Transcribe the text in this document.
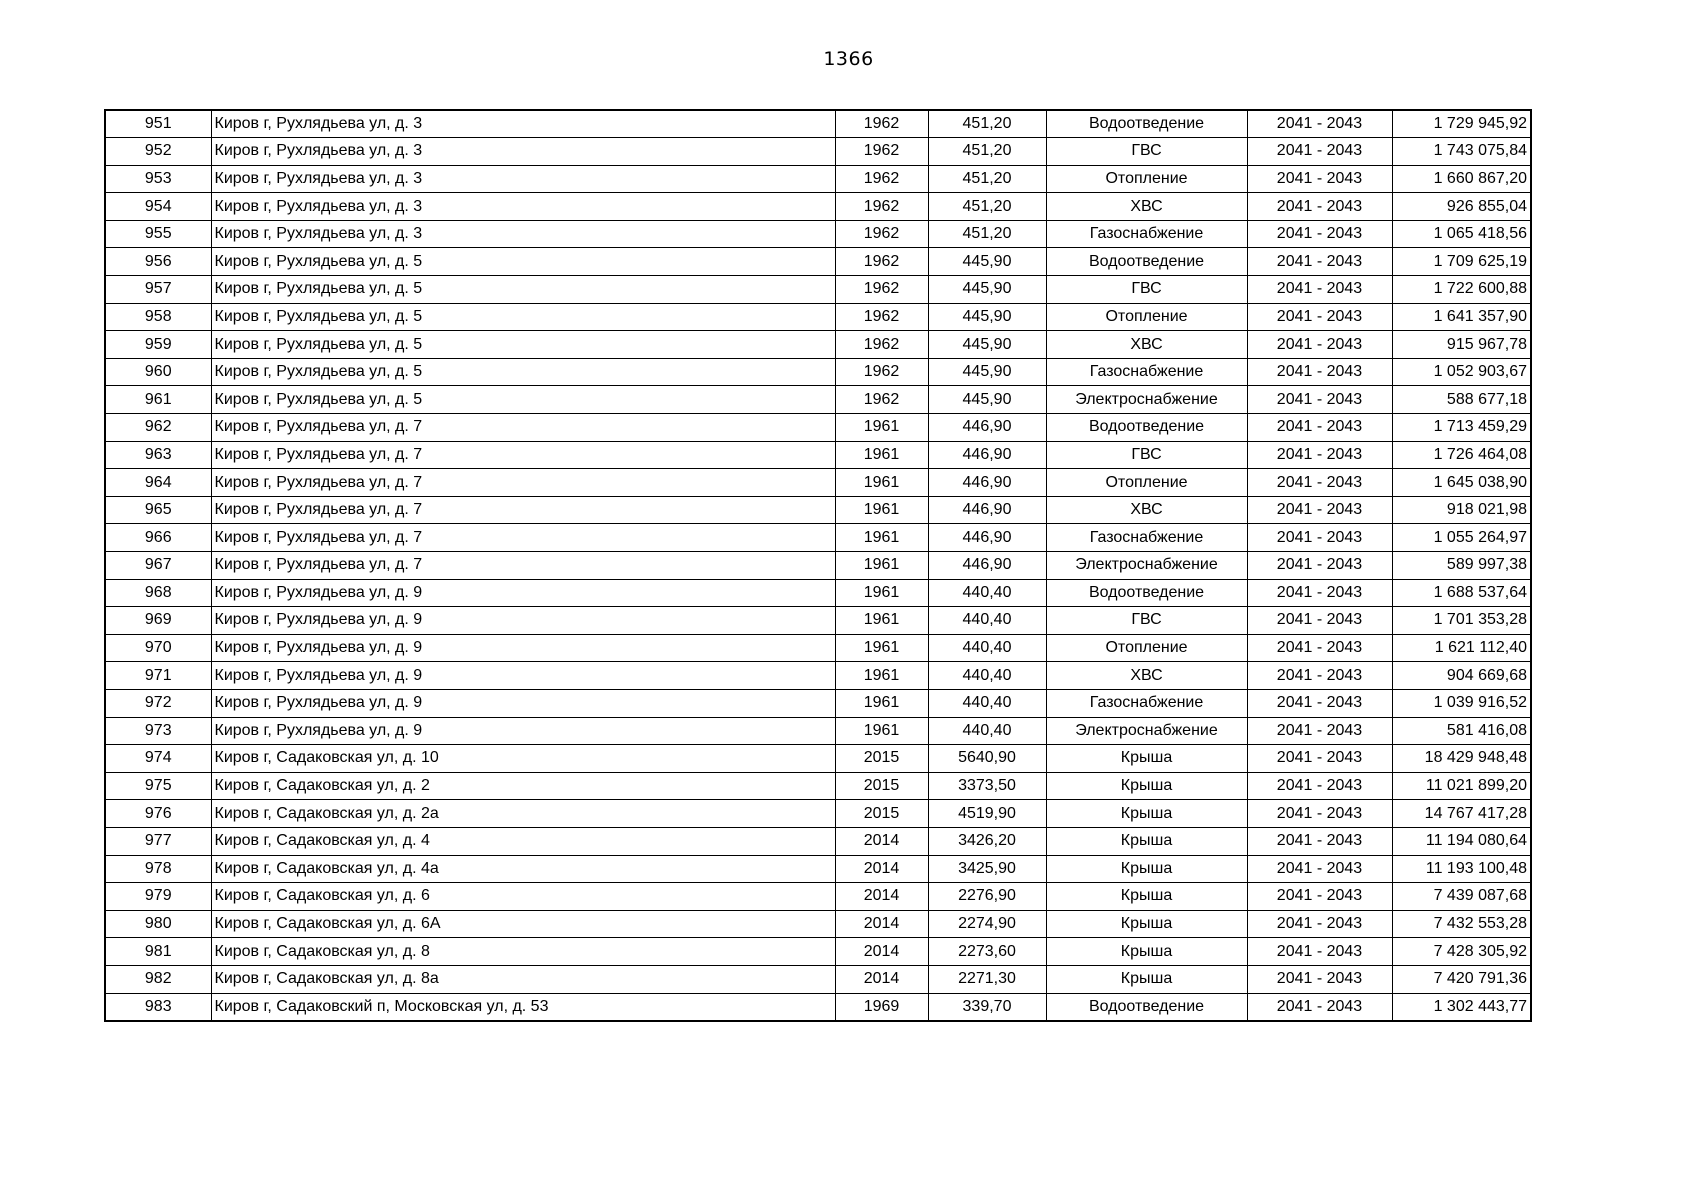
1366
951	Киров г, Рухлядьева ул, д. 3	1962	451,20	Водоотведение	2041 - 2043	1 729 945,92
952	Киров г, Рухлядьева ул, д. 3	1962	451,20	ГВС	2041 - 2043	1 743 075,84
953	Киров г, Рухлядьева ул, д. 3	1962	451,20	Отопление	2041 - 2043	1 660 867,20
954	Киров г, Рухлядьева ул, д. 3	1962	451,20	ХВС	2041 - 2043	926 855,04
955	Киров г, Рухлядьева ул, д. 3	1962	451,20	Газоснабжение	2041 - 2043	1 065 418,56
956	Киров г, Рухлядьева ул, д. 5	1962	445,90	Водоотведение	2041 - 2043	1 709 625,19
957	Киров г, Рухлядьева ул, д. 5	1962	445,90	ГВС	2041 - 2043	1 722 600,88
958	Киров г, Рухлядьева ул, д. 5	1962	445,90	Отопление	2041 - 2043	1 641 357,90
959	Киров г, Рухлядьева ул, д. 5	1962	445,90	ХВС	2041 - 2043	915 967,78
960	Киров г, Рухлядьева ул, д. 5	1962	445,90	Газоснабжение	2041 - 2043	1 052 903,67
961	Киров г, Рухлядьева ул, д. 5	1962	445,90	Электроснабжение	2041 - 2043	588 677,18
962	Киров г, Рухлядьева ул, д. 7	1961	446,90	Водоотведение	2041 - 2043	1 713 459,29
963	Киров г, Рухлядьева ул, д. 7	1961	446,90	ГВС	2041 - 2043	1 726 464,08
964	Киров г, Рухлядьева ул, д. 7	1961	446,90	Отопление	2041 - 2043	1 645 038,90
965	Киров г, Рухлядьева ул, д. 7	1961	446,90	ХВС	2041 - 2043	918 021,98
966	Киров г, Рухлядьева ул, д. 7	1961	446,90	Газоснабжение	2041 - 2043	1 055 264,97
967	Киров г, Рухлядьева ул, д. 7	1961	446,90	Электроснабжение	2041 - 2043	589 997,38
968	Киров г, Рухлядьева ул, д. 9	1961	440,40	Водоотведение	2041 - 2043	1 688 537,64
969	Киров г, Рухлядьева ул, д. 9	1961	440,40	ГВС	2041 - 2043	1 701 353,28
970	Киров г, Рухлядьева ул, д. 9	1961	440,40	Отопление	2041 - 2043	1 621 112,40
971	Киров г, Рухлядьева ул, д. 9	1961	440,40	ХВС	2041 - 2043	904 669,68
972	Киров г, Рухлядьева ул, д. 9	1961	440,40	Газоснабжение	2041 - 2043	1 039 916,52
973	Киров г, Рухлядьева ул, д. 9	1961	440,40	Электроснабжение	2041 - 2043	581 416,08
974	Киров г, Садаковская ул, д. 10	2015	5640,90	Крыша	2041 - 2043	18 429 948,48
975	Киров г, Садаковская ул, д. 2	2015	3373,50	Крыша	2041 - 2043	11 021 899,20
976	Киров г, Садаковская ул, д. 2а	2015	4519,90	Крыша	2041 - 2043	14 767 417,28
977	Киров г, Садаковская ул, д. 4	2014	3426,20	Крыша	2041 - 2043	11 194 080,64
978	Киров г, Садаковская ул, д. 4а	2014	3425,90	Крыша	2041 - 2043	11 193 100,48
979	Киров г, Садаковская ул, д. 6	2014	2276,90	Крыша	2041 - 2043	7 439 087,68
980	Киров г, Садаковская ул, д. 6А	2014	2274,90	Крыша	2041 - 2043	7 432 553,28
981	Киров г, Садаковская ул, д. 8	2014	2273,60	Крыша	2041 - 2043	7 428 305,92
982	Киров г, Садаковская ул, д. 8а	2014	2271,30	Крыша	2041 - 2043	7 420 791,36
983	Киров г, Садаковский п, Московская ул, д. 53	1969	339,70	Водоотведение	2041 - 2043	1 302 443,77
